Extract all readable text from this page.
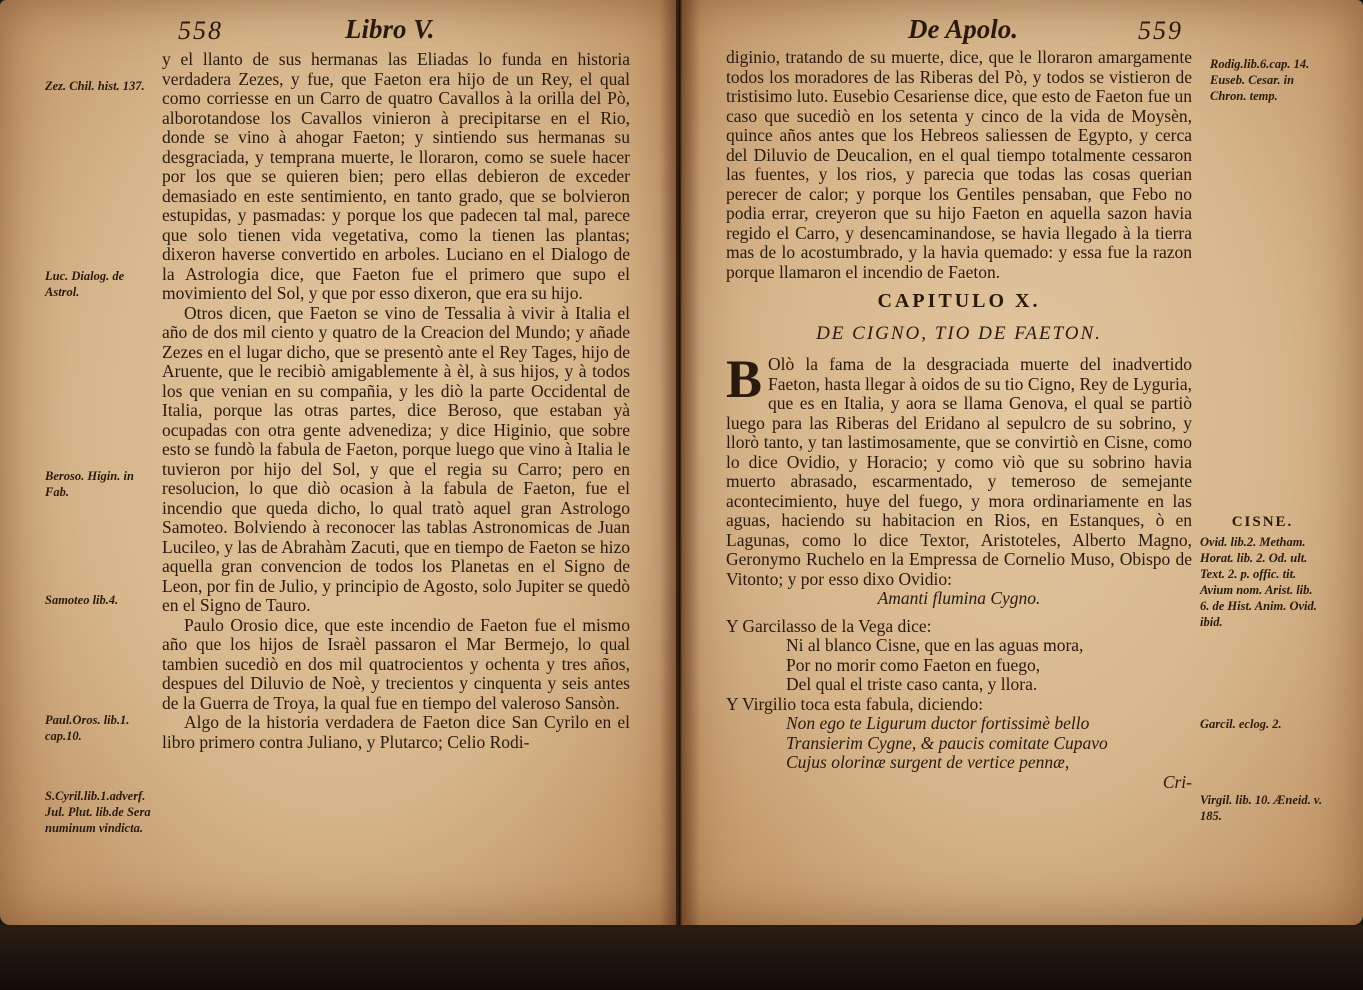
558	Libro V.
Zez. Chil. hist. 137.
Luc. Dialog. de Astrol.
Beroso. Higin. in Fab.
Samoteo lib.4.
Paul.Oros. lib.1. cap.10.
S.Cyril.lib.1.adverf. Jul. Plut. lib.de Sera numinum vindicta.

y el llanto de sus hermanas las Eliadas lo funda en historia verdadera Zezes, y fue, que Faeton era hijo de un Rey, el qual como corriesse en un Carro de quatro Cavallos à la orilla del Pò, alborotandose los Cavallos vinieron à precipitarse en el Rio, donde se vino à ahogar Faeton; y sintiendo sus hermanas su desgraciada, y temprana muerte, le lloraron, como se suele hacer por los que se quieren bien; pero ellas debieron de exceder demasiado en este sentimiento, en tanto grado, que se bolvieron estupidas, y pasmadas: y porque los que padecen tal mal, parece que solo tienen vida vegetativa, como la tienen las plantas; dixeron haverse convertido en arboles. Luciano en el Dialogo de la Astrologia dice, que Faeton fue el primero que supo el movimiento del Sol, y que por esso dixeron, que era su hijo.

Otros dicen, que Faeton se vino de Tessalia à vivir à Italia el año de dos mil ciento y quatro de la Creacion del Mundo; y añade Zezes en el lugar dicho, que se presentò ante el Rey Tages, hijo de Aruente, que le recibiò amigablemente à èl, à sus hijos, y à todos los que venian en su compañia, y les diò la parte Occidental de Italia, porque las otras partes, dice Beroso, que estaban yà ocupadas con otra gente advenediza; y dice Higinio, que sobre esto se fundò la fabula de Faeton, porque luego que vino à Italia le tuvieron por hijo del Sol, y que el regia su Carro; pero en resolucion, lo que diò ocasion à la fabula de Faeton, fue el incendio que queda dicho, lo qual tratò aquel gran Astrologo Samoteo. Bolviendo à reconocer las tablas Astronomicas de Juan Lucileo, y las de Abrahàm Zacuti, que en tiempo de Faeton se hizo aquella gran convencion de todos los Planetas en el Signo de Leon, por fin de Julio, y principio de Agosto, solo Jupiter se quedò en el Signo de Tauro.

Paulo Orosio dice, que este incendio de Faeton fue el mismo año que los hijos de Israèl passaron el Mar Bermejo, lo qual tambien sucediò en dos mil quatrocientos y ochenta y tres años, despues del Diluvio de Noè, y trecientos y cinquenta y seis antes de la Guerra de Troya, la qual fue en tiempo del valeroso Sansòn.

Algo de la historia verdadera de Faeton dice San Cyrilo en el libro primero contra Juliano, y Plutarco; Celio Rodi-

De Apolo.	559
Rodig.lib.6.cap. 14. Euseb. Cesar. in Chron. temp.
CISNE.
Ovid. lib.2. Metham. Horat. lib. 2. Od. ult. Text. 2. p. offic. tit. Avium nom. Arist. lib. 6. de Hist. Anim. Ovid. ibid.
Garcil. eclog. 2.
Virgil. lib. 10. Æneid. v. 185.

diginio, tratando de su muerte, dice, que le lloraron amargamente todos los moradores de las Riberas del Pò, y todos se vistieron de tristisimo luto. Eusebio Cesariense dice, que esto de Faeton fue un caso que sucediò en los setenta y cinco de la vida de Moysèn, quince años antes que los Hebreos saliessen de Egypto, y cerca del Diluvio de Deucalion, en el qual tiempo totalmente cessaron las fuentes, y los rios, y parecia que todas las cosas querian perecer de calor; y porque los Gentiles pensaban, que Febo no podia errar, creyeron que su hijo Faeton en aquella sazon havia regido el Carro, y desencaminandose, se havia llegado à la tierra mas de lo acostumbrado, y la havia quemado: y essa fue la razon porque llamaron el incendio de Faeton.

CAPITULO X.
DE CIGNO, TIO DE FAETON.

B Olò la fama de la desgraciada muerte del inadvertido Faeton, hasta llegar à oidos de su tio Cigno, Rey de Lyguria, que es en Italia, y aora se llama Genova, el qual se partiò luego para las Riberas del Eridano al sepulcro de su sobrino, y llorò tanto, y tan lastimosamente, que se convirtiò en Cisne, como lo dice Ovidio, y Horacio; y como viò que su sobrino havia muerto abrasado, escarmentado, y temeroso de semejante acontecimiento, huye del fuego, y mora ordinariamente en las aguas, haciendo su habitacion en Rios, en Estanques, ò en Lagunas, como lo dice Textor, Aristoteles, Alberto Magno, Geronymo Ruchelo en la Empressa de Cornelio Muso, Obispo de Vitonto; y por esso dixo Ovidio:

Amanti flumina Cygno.

Y Garcilasso de la Vega dice:

Ni al blanco Cisne, que en las aguas mora,

Por no morir como Faeton en fuego,

Del qual el triste caso canta, y llora.

Y Virgilio toca esta fabula, diciendo:

Non ego te Ligurum ductor fortissimè bello

Transierim Cygne, & paucis comitate Cupavo

Cujus olorinæ surgent de vertice pennæ,

Cri-
